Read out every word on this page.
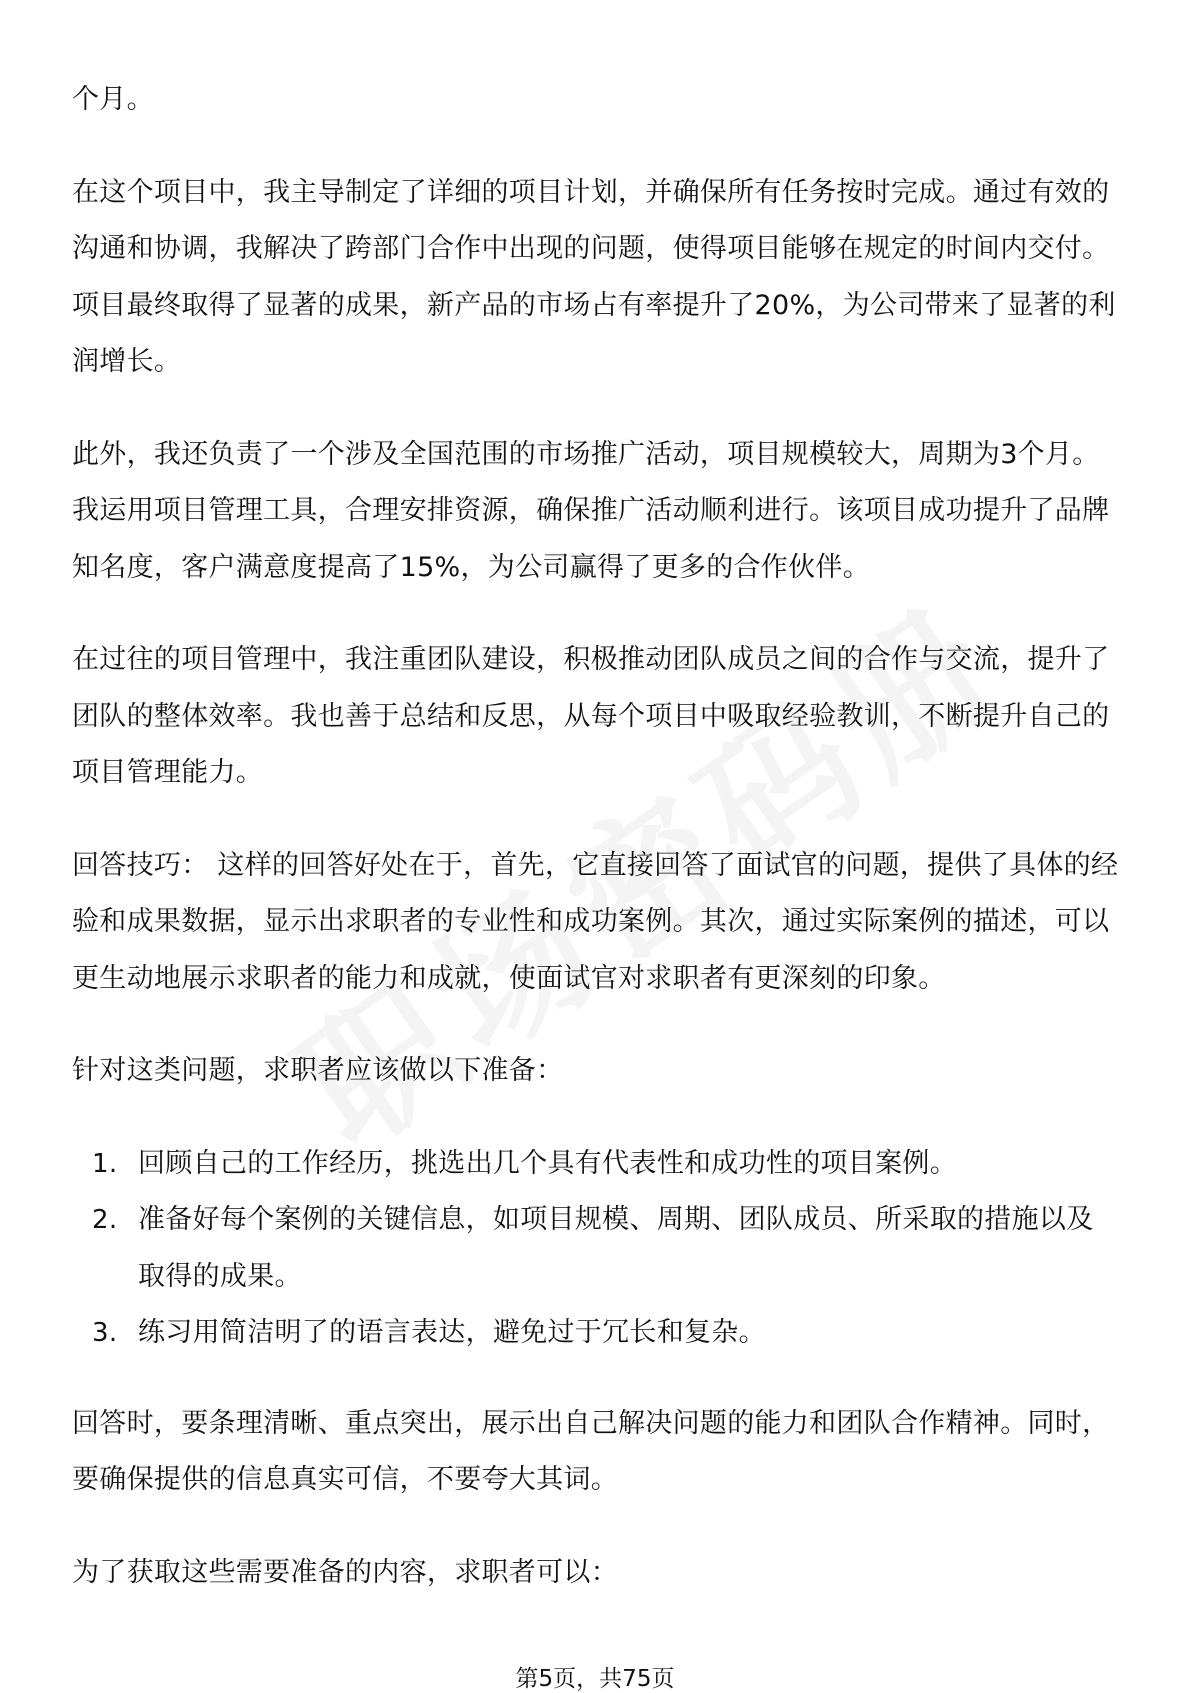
个月。

在这个项目中，我主导制定了详细的项目计划，并确保所有任务按时完成。通过有效的沟通和协调，我解决了跨部门合作中出现的问题，使得项目能够在规定的时间内交付。项目最终取得了显著的成果，新产品的市场占有率提升了20%，为公司带来了显著的利润增长。

此外，我还负责了一个涉及全国范围的市场推广活动，项目规模较大，周期为3个月。我运用项目管理工具，合理安排资源，确保推广活动顺利进行。该项目成功提升了品牌知名度，客户满意度提高了15%，为公司赢得了更多的合作伙伴。

在过往的项目管理中，我注重团队建设，积极推动团队成员之间的合作与交流，提升了团队的整体效率。我也善于总结和反思，从每个项目中吸取经验教训，不断提升自己的项目管理能力。

回答技巧： 这样的回答好处在于，首先，它直接回答了面试官的问题，提供了具体的经验和成果数据，显示出求职者的专业性和成功案例。其次，通过实际案例的描述，可以更生动地展示求职者的能力和成就，使面试官对求职者有更深刻的印象。

针对这类问题，求职者应该做以下准备：

1. 回顾自己的工作经历，挑选出几个具有代表性和成功性的项目案例。
2. 准备好每个案例的关键信息，如项目规模、周期、团队成员、所采取的措施以及取得的成果。
3. 练习用简洁明了的语言表达，避免过于冗长和复杂。

回答时，要条理清晰、重点突出，展示出自己解决问题的能力和团队合作精神。同时，要确保提供的信息真实可信，不要夸大其词。

为了获取这些需要准备的内容，求职者可以：

第5页，共75页
